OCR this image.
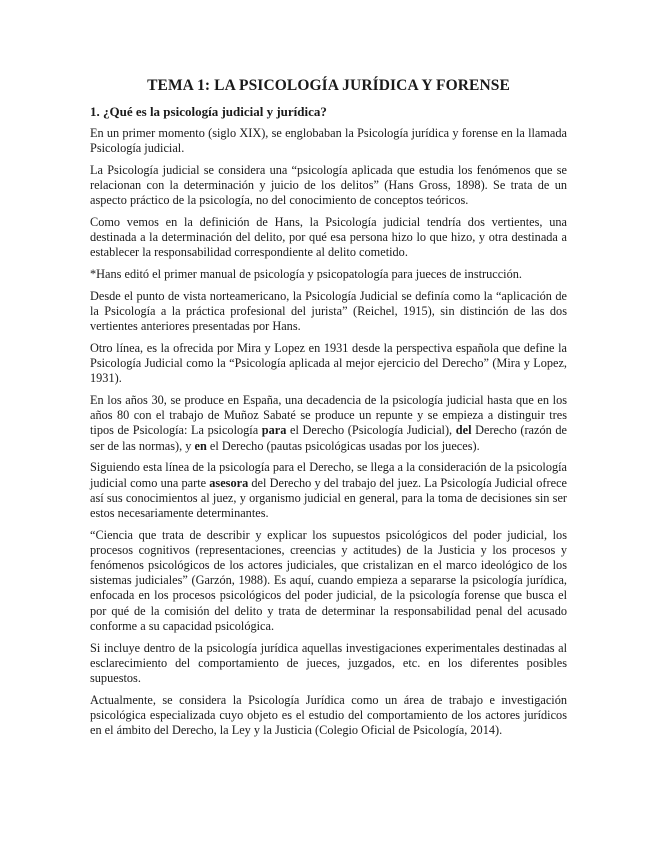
TEMA 1: LA PSICOLOGÍA JURÍDICA Y FORENSE
1. ¿Qué es la psicología judicial y jurídica?

En un primer momento (siglo XIX), se englobaban la Psicología jurídica y forense en la llamada Psicología judicial.

La Psicología judicial se considera una “psicología aplicada que estudia los fenómenos que se relacionan con la determinación y juicio de los delitos” (Hans Gross, 1898). Se trata de un aspecto práctico de la psicología, no del conocimiento de conceptos teóricos.

Como vemos en la definición de Hans, la Psicología judicial tendría dos vertientes, una destinada a la determinación del delito, por qué esa persona hizo lo que hizo, y otra destinada a establecer la responsabilidad correspondiente al delito cometido.

*Hans editó el primer manual de psicología y psicopatología para jueces de instrucción.

Desde el punto de vista norteamericano, la Psicología Judicial se definía como la “aplicación de la Psicología a la práctica profesional del jurista” (Reichel, 1915), sin distinción de las dos vertientes anteriores presentadas por Hans.

Otro línea, es la ofrecida por Mira y Lopez en 1931 desde la perspectiva española que define la Psicología Judicial como la “Psicología aplicada al mejor ejercicio del Derecho” (Mira y Lopez, 1931).

En los años 30, se produce en España, una decadencia de la psicología judicial hasta que en los años 80 con el trabajo de Muñoz Sabaté se produce un repunte y se empieza a distinguir tres tipos de Psicología: La psicología para el Derecho (Psicología Judicial), del Derecho (razón de ser de las normas), y en el Derecho (pautas psicológicas usadas por los jueces).

Siguiendo esta línea de la psicología para el Derecho, se llega a la consideración de la psicología judicial como una parte asesora del Derecho y del trabajo del juez. La Psicología Judicial ofrece así sus conocimientos al juez, y organismo judicial en general, para la toma de decisiones sin ser estos necesariamente determinantes.

“Ciencia que trata de describir y explicar los supuestos psicológicos del poder judicial, los procesos cognitivos (representaciones, creencias y actitudes) de la Justicia y los procesos y fenómenos psicológicos de los actores judiciales, que cristalizan en el marco ideológico de los sistemas judiciales” (Garzón, 1988). Es aquí, cuando empieza a separarse la psicología jurídica, enfocada en los procesos psicológicos del poder judicial, de la psicología forense que busca el por qué de la comisión del delito y trata de determinar la responsabilidad penal del acusado conforme a su capacidad psicológica.

Si incluye dentro de la psicología jurídica aquellas investigaciones experimentales destinadas al esclarecimiento del comportamiento de jueces, juzgados, etc. en los diferentes posibles supuestos.

Actualmente, se considera la Psicología Jurídica como un área de trabajo e investigación psicológica especializada cuyo objeto es el estudio del comportamiento de los actores jurídicos en el ámbito del Derecho, la Ley y la Justicia (Colegio Oficial de Psicología, 2014).
